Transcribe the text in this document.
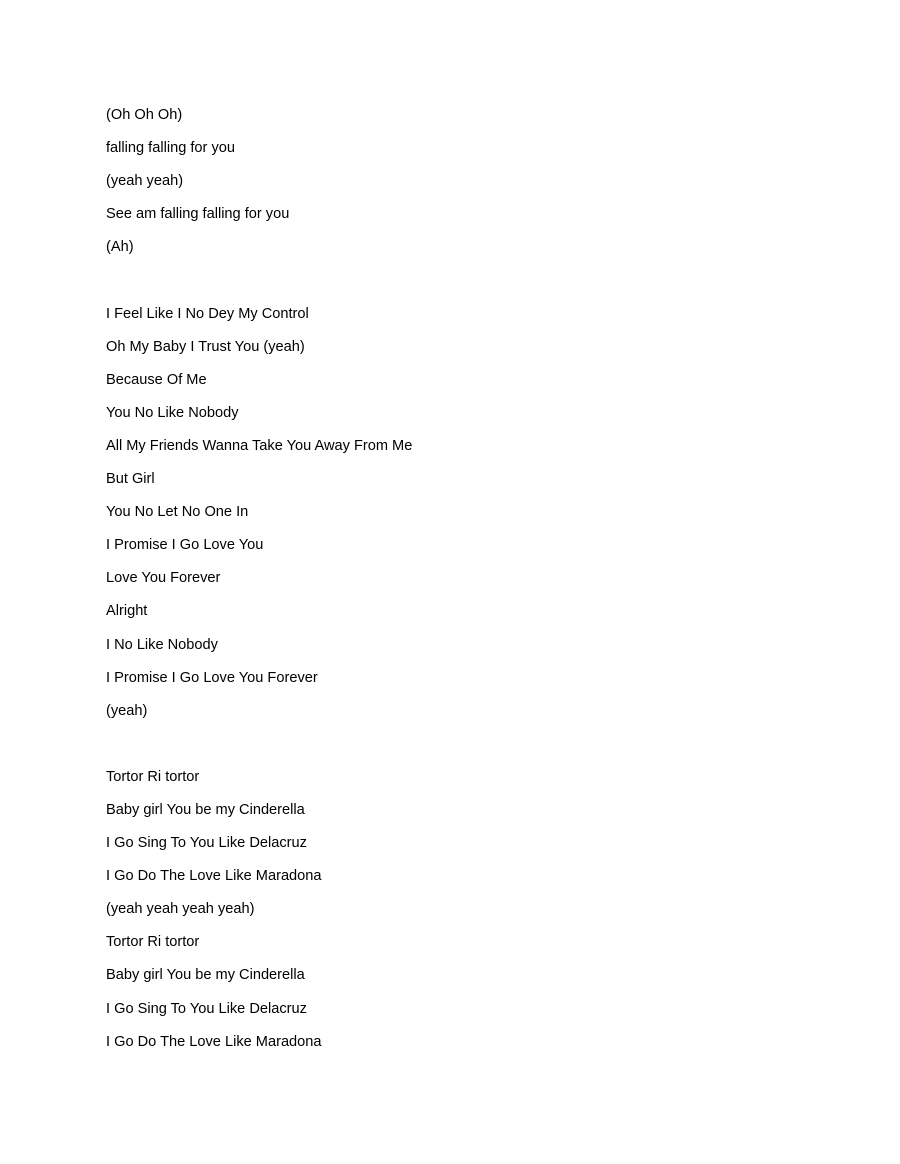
(Oh Oh Oh)
falling falling for you
(yeah yeah)
See am falling falling for you
(Ah)
I Feel Like I No Dey My Control
Oh My Baby I Trust You (yeah)
Because Of Me
You No Like Nobody
All My Friends Wanna Take You Away From Me
But Girl
You No Let No One In
I Promise I Go Love You
Love You Forever
Alright
I No Like Nobody
I Promise I Go Love You Forever
(yeah)
Tortor Ri tortor
Baby girl You be my Cinderella
I Go Sing To You Like Delacruz
I Go Do The Love Like Maradona
(yeah yeah yeah yeah)
Tortor Ri tortor
Baby girl You be my Cinderella
I Go Sing To You Like Delacruz
I Go Do The Love Like Maradona
